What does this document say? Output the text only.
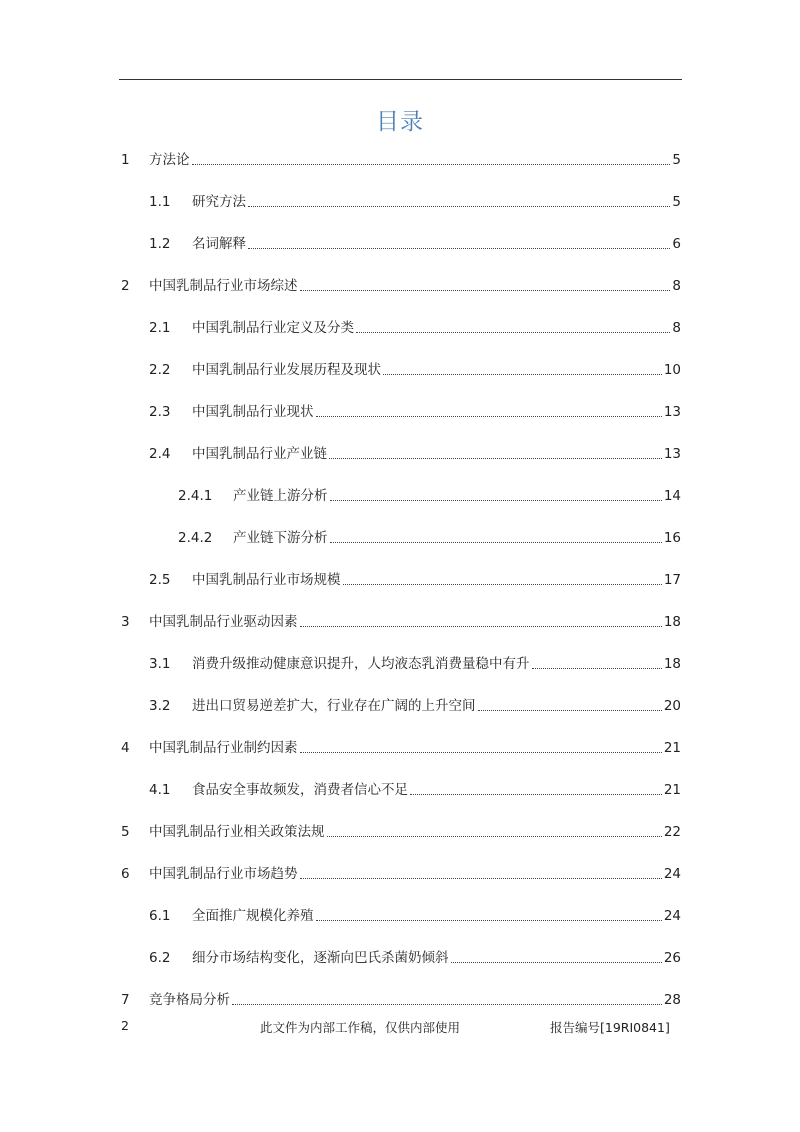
目录
1	方法论	5
1.1	研究方法	5
1.2	名词解释	6
2	中国乳制品行业市场综述	8
2.1	中国乳制品行业定义及分类	8
2.2	中国乳制品行业发展历程及现状	10
2.3	中国乳制品行业现状	13
2.4	中国乳制品行业产业链	13
2.4.1	产业链上游分析	14
2.4.2	产业链下游分析	16
2.5	中国乳制品行业市场规模	17
3	中国乳制品行业驱动因素	18
3.1	消费升级推动健康意识提升，人均液态乳消费量稳中有升	18
3.2	进出口贸易逆差扩大，行业存在广阔的上升空间	20
4	中国乳制品行业制约因素	21
4.1	食品安全事故频发，消费者信心不足	21
5	中国乳制品行业相关政策法规	22
6	中国乳制品行业市场趋势	24
6.1	全面推广规模化养殖	24
6.2	细分市场结构变化，逐渐向巴氏杀菌奶倾斜	26
7	竞争格局分析	28
2	此文件为内部工作稿，仅供内部使用	报告编号[19RI0841]
